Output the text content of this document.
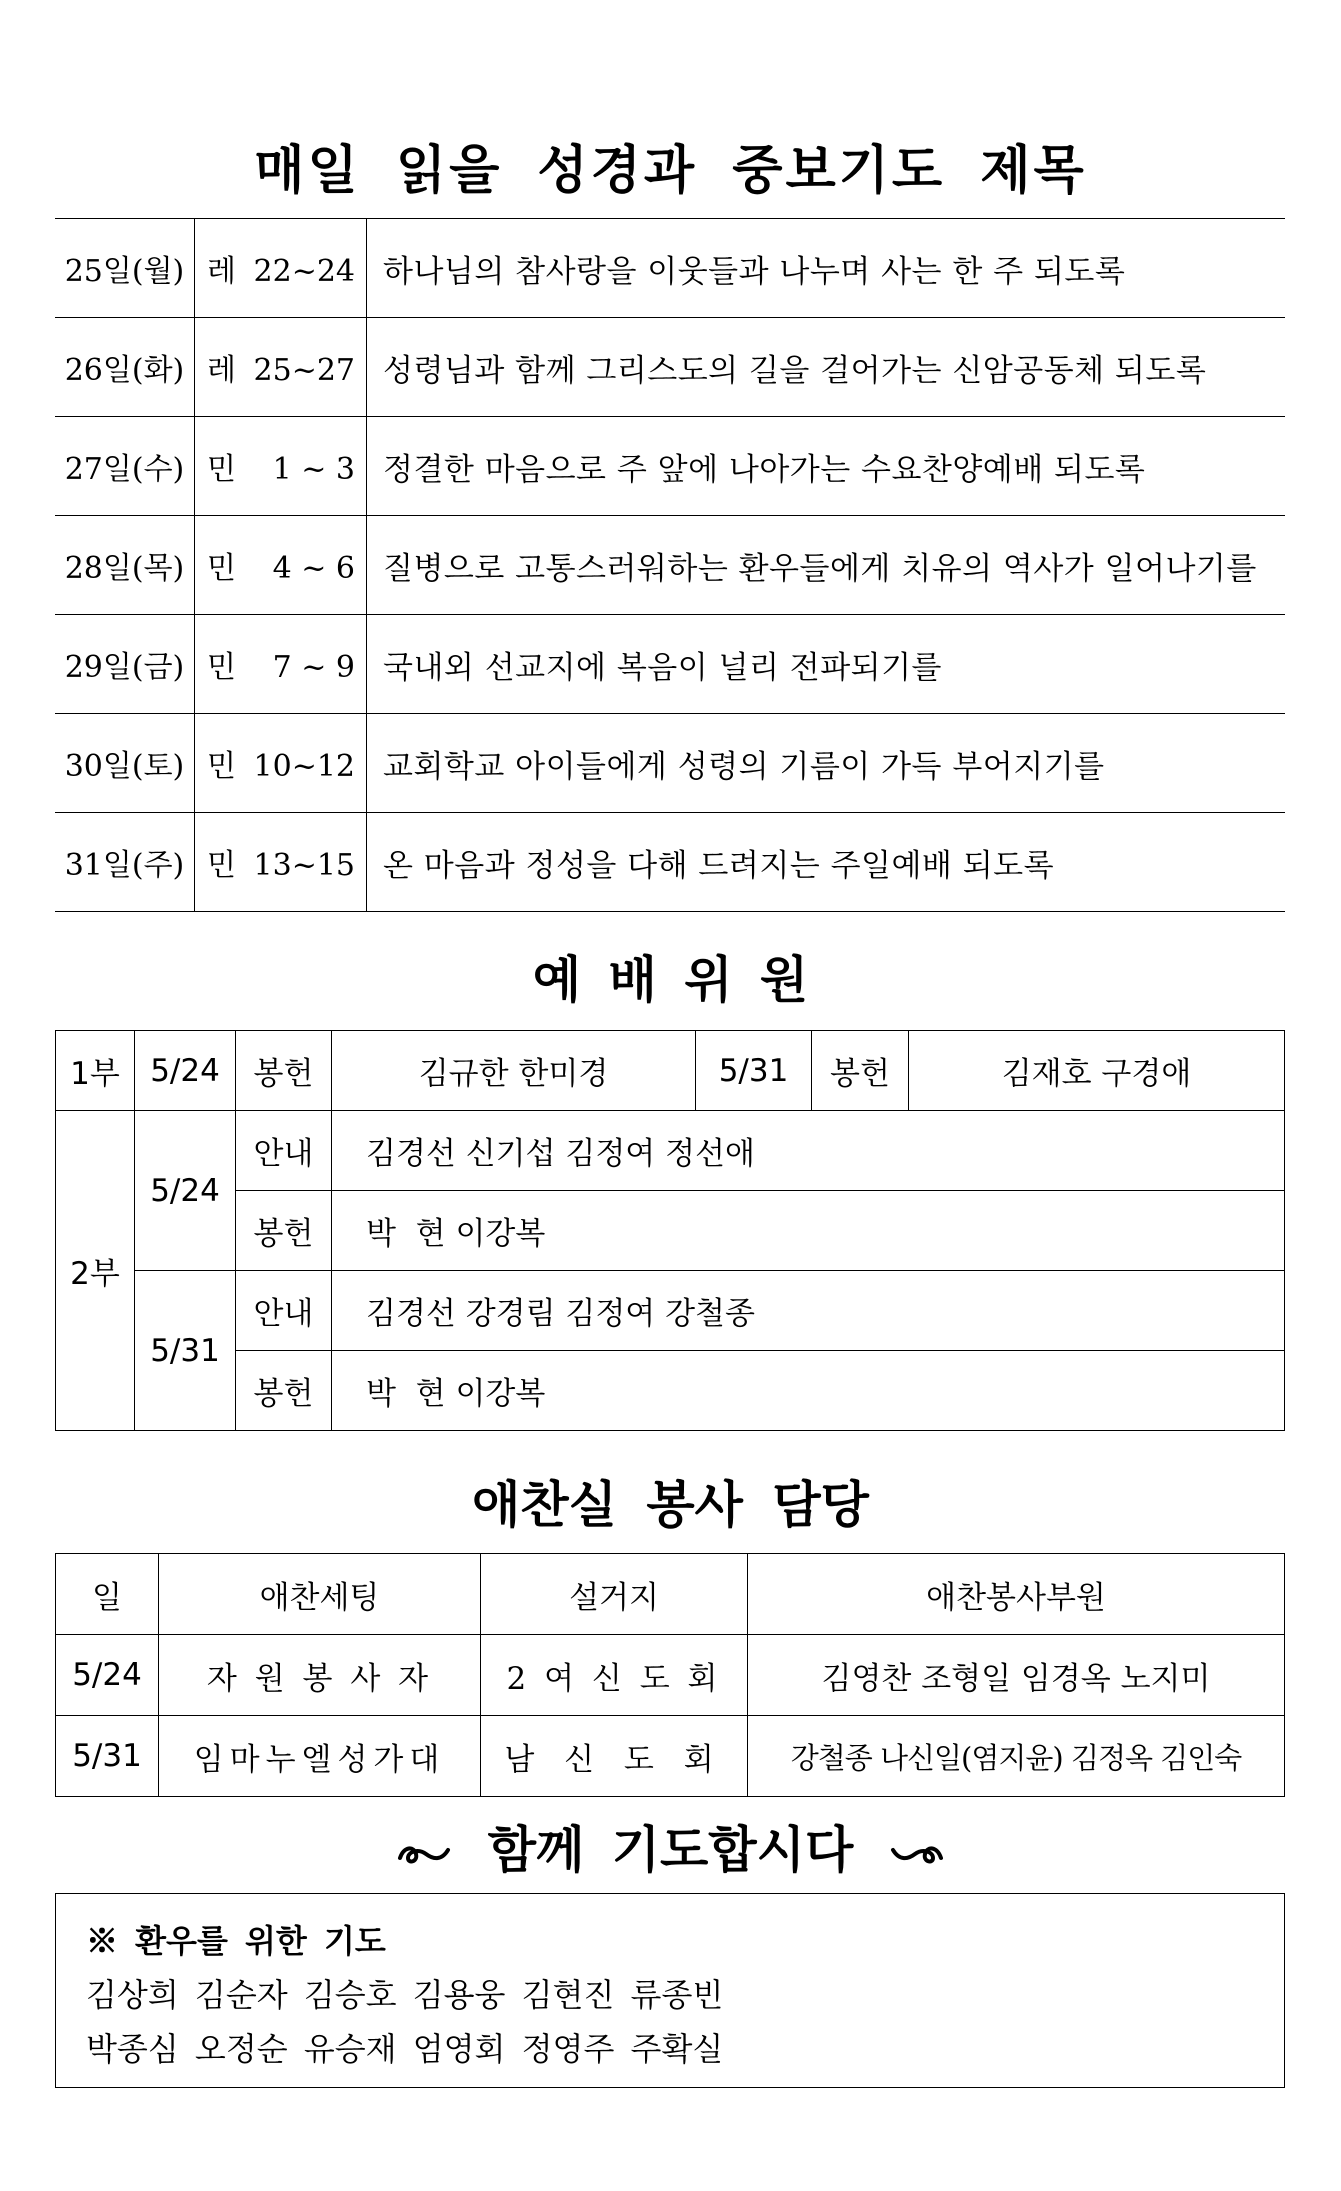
매일 읽을 성경과 중보기도 제목
25일(월)	레 22~24	하나님의 참사랑을 이웃들과 나누며 사는 한 주 되도록
26일(화)	레 25~27	성령님과 함께 그리스도의 길을 걸어가는 신암공동체 되도록
27일(수)	민 1 ~ 3	정결한 마음으로 주 앞에 나아가는 수요찬양예배 되도록
28일(목)	민 4 ~ 6	질병으로 고통스러워하는 환우들에게 치유의 역사가 일어나기를
29일(금)	민 7 ~ 9	국내외 선교지에 복음이 널리 전파되기를
30일(토)	민 10~12	교회학교 아이들에게 성령의 기름이 가득 부어지기를
31일(주)	민 13~15	온 마음과 정성을 다해 드려지는 주일예배 되도록
예 배 위 원
1부	5/24	봉헌	김규한 한미경	5/31	봉헌	김재호 구경애
2부	5/24	안내	김경선 신기섭 김정여 정선애			
		봉헌	박  현 이강복			
	5/31	안내	김경선 강경림 김정여 강철종			
		봉헌	박  현 이강복			
애찬실 봉사 담당
일	애찬세팅	설거지	애찬봉사부원
5/24	자 원 봉 사 자	2 여 신 도 회	김영찬 조형일 임경옥 노지미
5/31	임마누엘성가대	남 신 도 회	강철종 나신일(염지윤) 김정옥 김인숙
함께 기도합시다
※ 환우를 위한 기도
김상희 김순자 김승호 김용웅 김현진 류종빈
박종심 오정순 유승재 엄영회 정영주 주확실
